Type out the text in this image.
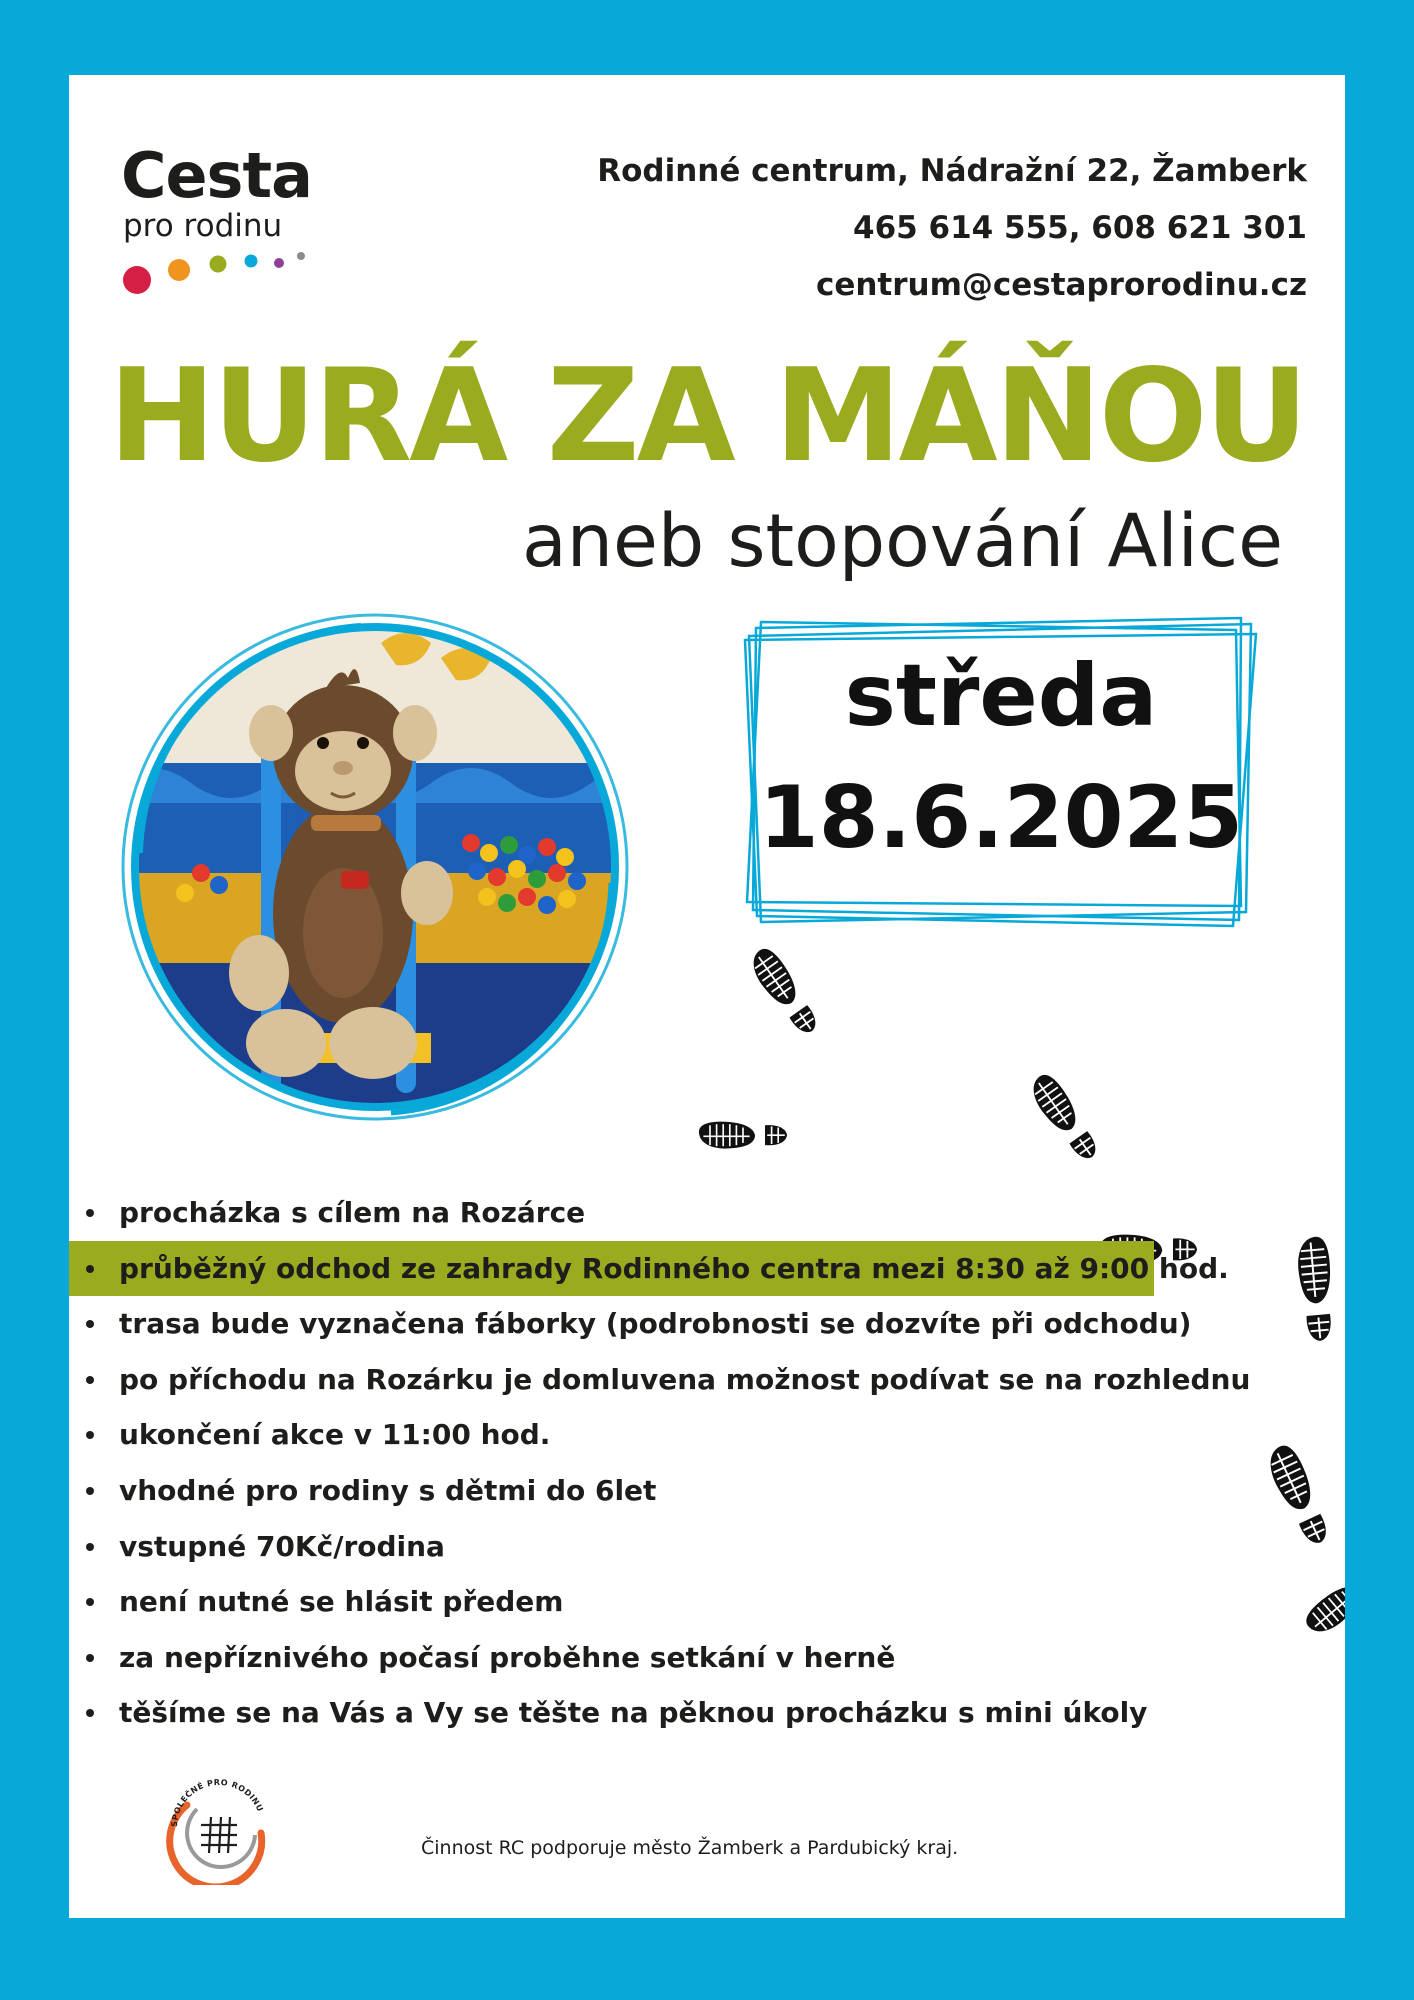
Cesta

pro rodinu

Rodinné centrum, Nádražní 22, Žamberk
465 614 555, 608 621 301
centrum@cestaprorodinu.cz
HURÁ ZA MÁŇOU
aneb stopování Alice
středa
18.6.2025
procházka s cílem na Rozárce
průběžný odchod ze zahrady Rodinného centra mezi 8:30 až 9:00 hod.
trasa bude vyznačena fáborky (podrobnosti se dozvíte při odchodu)
po příchodu na Rozárku je domluvena možnost podívat se na rozhlednu
ukončení akce v 11:00 hod.
vhodné pro rodiny s dětmi do 6let
vstupné 70Kč/rodina
není nutné se hlásit předem
za nepříznivého počasí proběhne setkání v herně
těšíme se na Vás a Vy se těšte na pěknou procházku s mini úkoly
SPOLEČNÉ PRO RODINU

Činnost RC podporuje město Žamberk a Pardubický kraj.
